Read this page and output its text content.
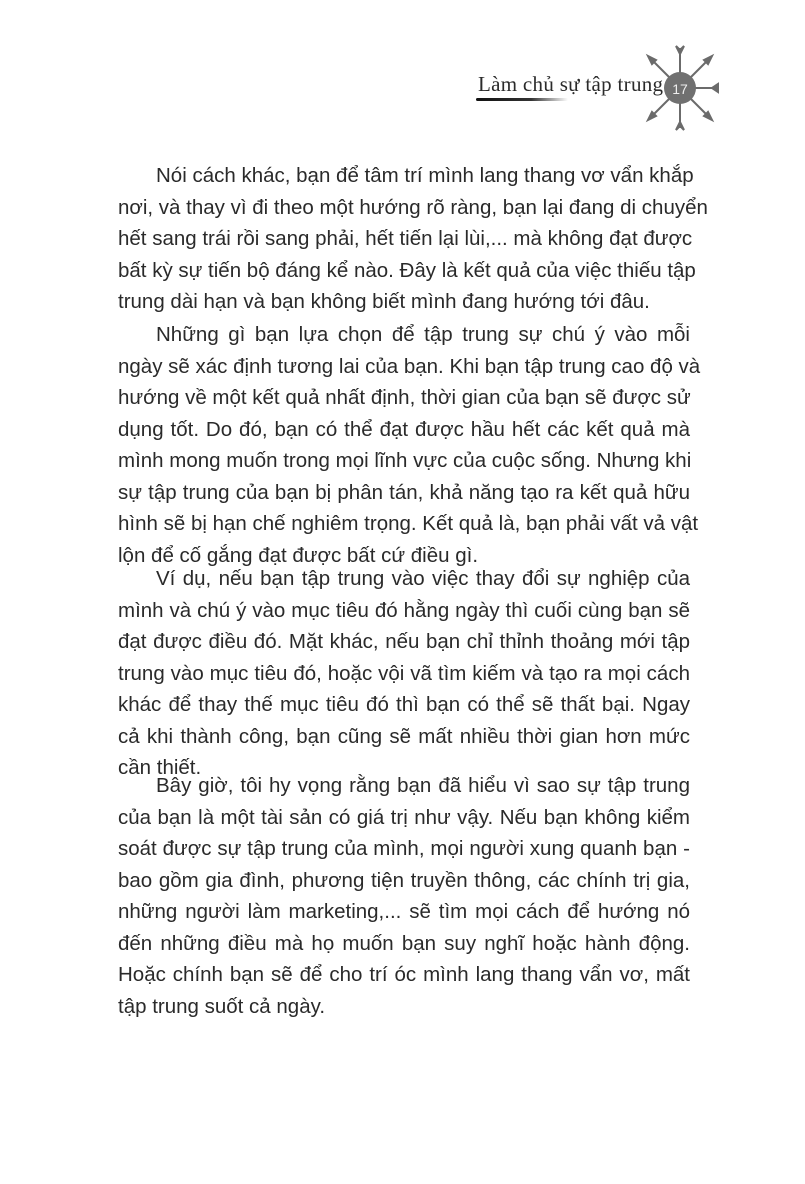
Làm chủ sự tập trung 17
Nói cách khác, bạn để tâm trí mình lang thang vơ vẩn khắp
nơi, và thay vì đi theo một hướng rõ ràng, bạn lại đang di chuyển
hết sang trái rồi sang phải, hết tiến lại lùi,... mà không đạt được
bất kỳ sự tiến bộ đáng kể nào. Đây là kết quả của việc thiếu tập
trung dài hạn và bạn không biết mình đang hướng tới đâu.
Những gì bạn lựa chọn để tập trung sự chú ý vào mỗi
ngày sẽ xác định tương lai của bạn. Khi bạn tập trung cao độ và
hướng về một kết quả nhất định, thời gian của bạn sẽ được sử
dụng tốt. Do đó, bạn có thể đạt được hầu hết các kết quả mà
mình mong muốn trong mọi lĩnh vực của cuộc sống. Nhưng khi
sự tập trung của bạn bị phân tán, khả năng tạo ra kết quả hữu
hình sẽ bị hạn chế nghiêm trọng. Kết quả là, bạn phải vất vả vật
lộn để cố gắng đạt được bất cứ điều gì.
Ví dụ, nếu bạn tập trung vào việc thay đổi sự nghiệp của
mình và chú ý vào mục tiêu đó hằng ngày thì cuối cùng bạn sẽ
đạt được điều đó. Mặt khác, nếu bạn chỉ thỉnh thoảng mới tập
trung vào mục tiêu đó, hoặc vội vã tìm kiếm và tạo ra mọi cách
khác để thay thế mục tiêu đó thì bạn có thể sẽ thất bại. Ngay
cả khi thành công, bạn cũng sẽ mất nhiều thời gian hơn mức
cần thiết.
Bây giờ, tôi hy vọng rằng bạn đã hiểu vì sao sự tập trung
của bạn là một tài sản có giá trị như vậy. Nếu bạn không kiểm
soát được sự tập trung của mình, mọi người xung quanh bạn -
bao gồm gia đình, phương tiện truyền thông, các chính trị gia,
những người làm marketing,... sẽ tìm mọi cách để hướng nó
đến những điều mà họ muốn bạn suy nghĩ hoặc hành động.
Hoặc chính bạn sẽ để cho trí óc mình lang thang vẩn vơ, mất
tập trung suốt cả ngày.
